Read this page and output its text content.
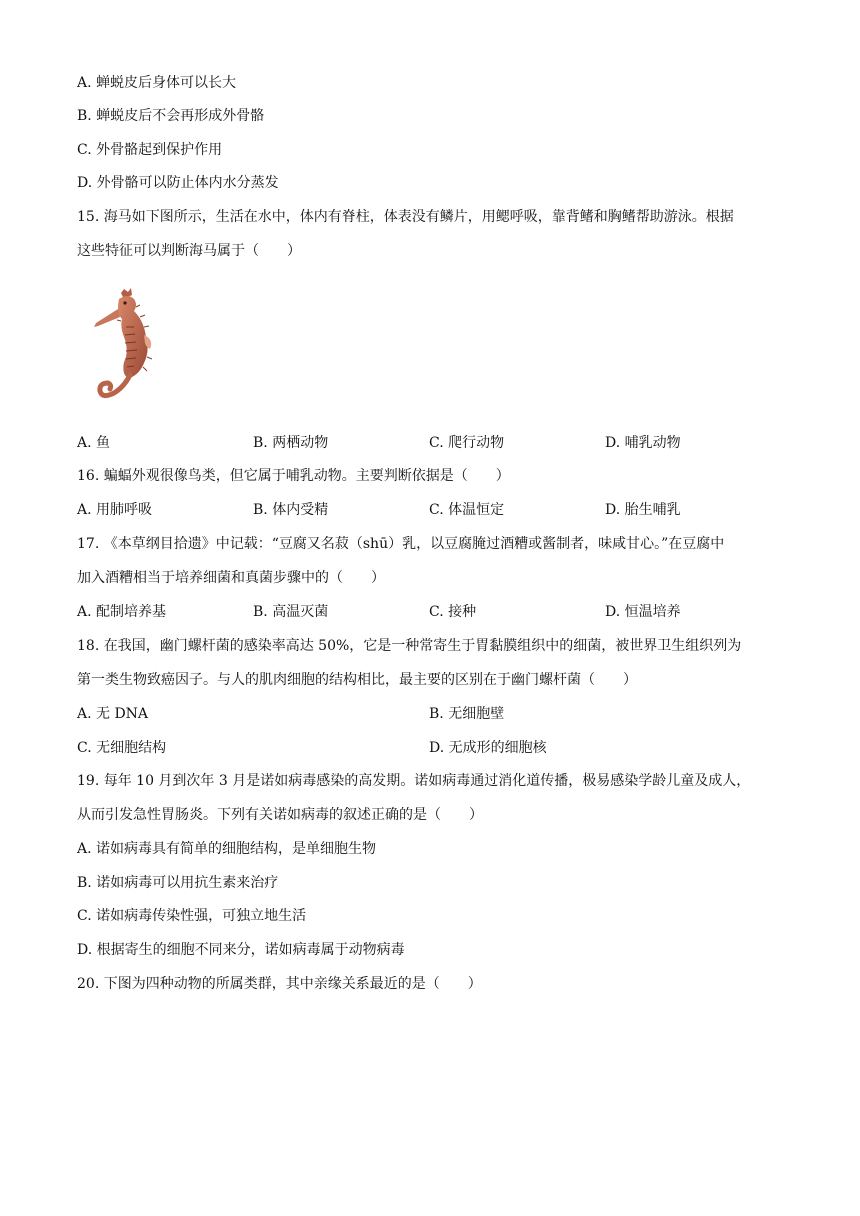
A. 蝉蜕皮后身体可以长大
B. 蝉蜕皮后不会再形成外骨骼
C. 外骨骼起到保护作用
D. 外骨骼可以防止体内水分蒸发
15. 海马如下图所示，生活在水中，体内有脊柱，体表没有鳞片，用鳃呼吸，靠背鳍和胸鳍帮助游泳。根据
这些特征可以判断海马属于（　　）
A. 鱼	B. 两栖动物	C. 爬行动物	D. 哺乳动物
16. 蝙蝠外观很像鸟类，但它属于哺乳动物。主要判断依据是（　　）
A. 用肺呼吸	B. 体内受精	C. 体温恒定	D. 胎生哺乳
17. 《本草纲目拾遗》中记载：“豆腐又名菽（shū）乳，以豆腐腌过酒糟或酱制者，味咸甘心。”在豆腐中
加入酒糟相当于培养细菌和真菌步骤中的（　　）
A. 配制培养基	B. 高温灭菌	C. 接种	D. 恒温培养
18. 在我国，幽门螺杆菌的感染率高达 50%，它是一种常寄生于胃黏膜组织中的细菌，被世界卫生组织列为
第一类生物致癌因子。与人的肌肉细胞的结构相比，最主要的区别在于幽门螺杆菌（　　）
A. 无 DNA	B. 无细胞壁
C. 无细胞结构	D. 无成形的细胞核
19. 每年 10 月到次年 3 月是诺如病毒感染的高发期。诺如病毒通过消化道传播，极易感染学龄儿童及成人，
从而引发急性胃肠炎。下列有关诺如病毒的叙述正确的是（　　）
A. 诺如病毒具有简单的细胞结构，是单细胞生物
B. 诺如病毒可以用抗生素来治疗
C. 诺如病毒传染性强，可独立地生活
D. 根据寄生的细胞不同来分，诺如病毒属于动物病毒
20. 下图为四种动物的所属类群，其中亲缘关系最近的是（　　）
